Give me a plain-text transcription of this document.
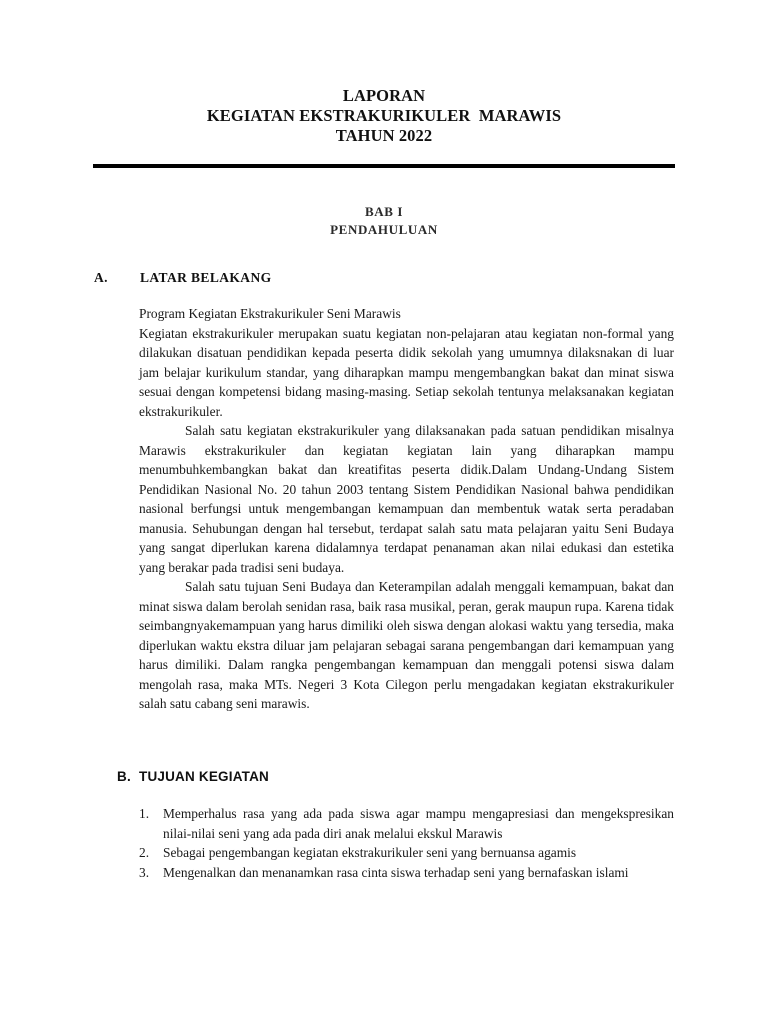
LAPORAN
KEGIATAN EKSTRAKURIKULER  MARAWIS
TAHUN 2022
BAB I
PENDAHULUAN
A. LATAR BELAKANG

Program Kegiatan Ekstrakurikuler Seni Marawis

Kegiatan ekstrakurikuler merupakan suatu kegiatan non-pelajaran atau kegiatan non-formal yang dilakukan disatuan pendidikan kepada peserta didik sekolah yang umumnya dilaksnakan di luar jam belajar kurikulum standar, yang diharapkan mampu mengembangkan bakat dan minat siswa sesuai dengan kompetensi bidang masing-masing. Setiap sekolah tentunya melaksanakan kegiatan ekstrakurikuler.

Salah satu kegiatan ekstrakurikuler yang dilaksanakan pada satuan pendidikan misalnya Marawis ekstrakurikuler dan kegiatan kegiatan lain yang diharapkan mampu menumbuhkembangkan bakat dan kreatifitas peserta didik.Dalam Undang-Undang Sistem Pendidikan Nasional No. 20 tahun 2003 tentang Sistem Pendidikan Nasional bahwa pendidikan nasional berfungsi untuk mengembangan kemampuan dan membentuk watak serta peradaban manusia. Sehubungan dengan hal tersebut, terdapat salah satu mata pelajaran yaitu Seni Budaya yang sangat diperlukan karena didalamnya terdapat penanaman akan nilai edukasi dan estetika yang berakar pada tradisi seni budaya.

Salah satu tujuan Seni Budaya dan Keterampilan adalah menggali kemampuan, bakat dan minat siswa dalam berolah senidan rasa, baik rasa musikal, peran, gerak maupun rupa. Karena tidak seimbangnyakemampuan yang harus dimiliki oleh siswa dengan alokasi waktu yang tersedia, maka diperlukan waktu ekstra diluar jam pelajaran sebagai sarana pengembangan dari kemampuan yang harus dimiliki. Dalam rangka pengembangan kemampuan dan menggali potensi siswa dalam mengolah rasa, maka MTs. Negeri 3 Kota Cilegon perlu mengadakan kegiatan ekstrakurikuler salah satu cabang seni marawis.

B. TUJUAN KEGIATAN
1. Memperhalus rasa yang ada pada siswa agar mampu mengapresiasi dan mengekspresikan nilai-nilai seni yang ada pada diri anak melalui ekskul Marawis
2. Sebagai pengembangan kegiatan ekstrakurikuler seni yang bernuansa agamis
3. Mengenalkan dan menanamkan rasa cinta siswa terhadap seni yang bernafaskan islami
